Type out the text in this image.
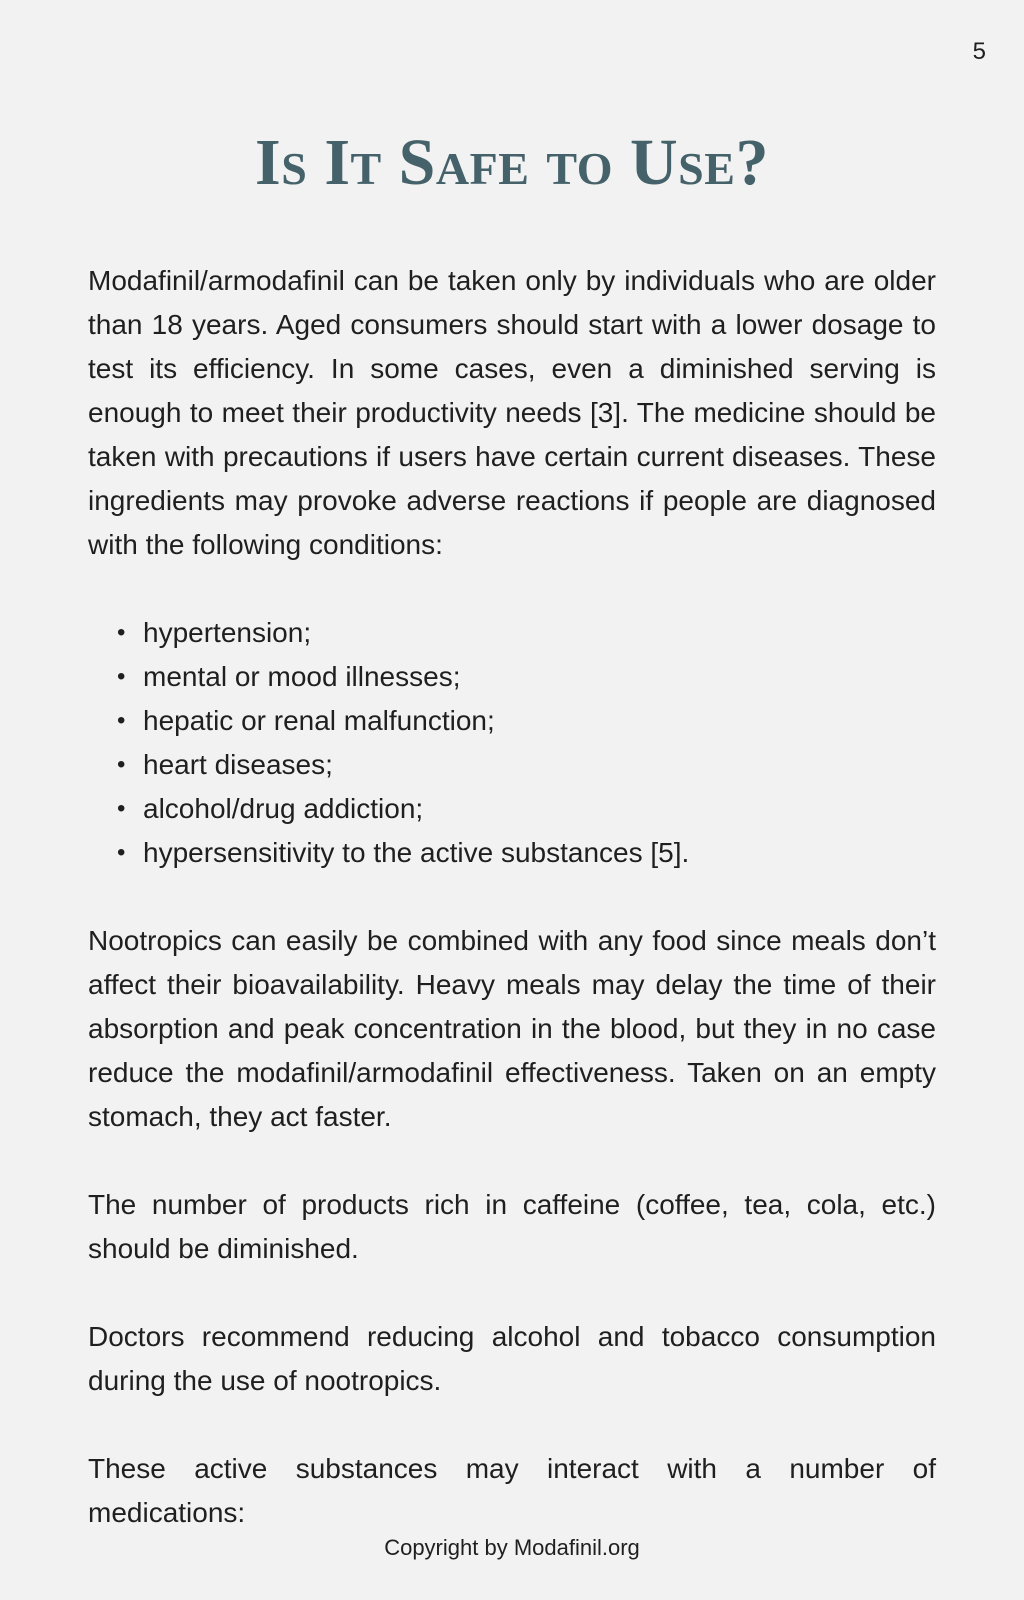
5
Is It Safe to Use?

Modafinil/armodafinil can be taken only by individuals who are older than 18 years. Aged consumers should start with a lower dosage to test its efficiency. In some cases, even a diminished serving is enough to meet their productivity needs [3]. The medicine should be taken with precautions if users have certain current diseases. These ingredients may provoke adverse reactions if people are diagnosed with the following conditions:

• hypertension;
• mental or mood illnesses;
• hepatic or renal malfunction;
• heart diseases;
• alcohol/drug addiction;
• hypersensitivity to the active substances [5].

Nootropics can easily be combined with any food since meals don’t affect their bioavailability. Heavy meals may delay the time of their absorption and peak concentration in the blood, but they in no case reduce the modafinil/armodafinil effectiveness. Taken on an empty stomach, they act faster.

The number of products rich in caffeine (coffee, tea, cola, etc.) should be diminished.

Doctors recommend reducing alcohol and tobacco consumption during the use of nootropics.

These active substances may interact with a number of medications:

Copyright by Modafinil.org
